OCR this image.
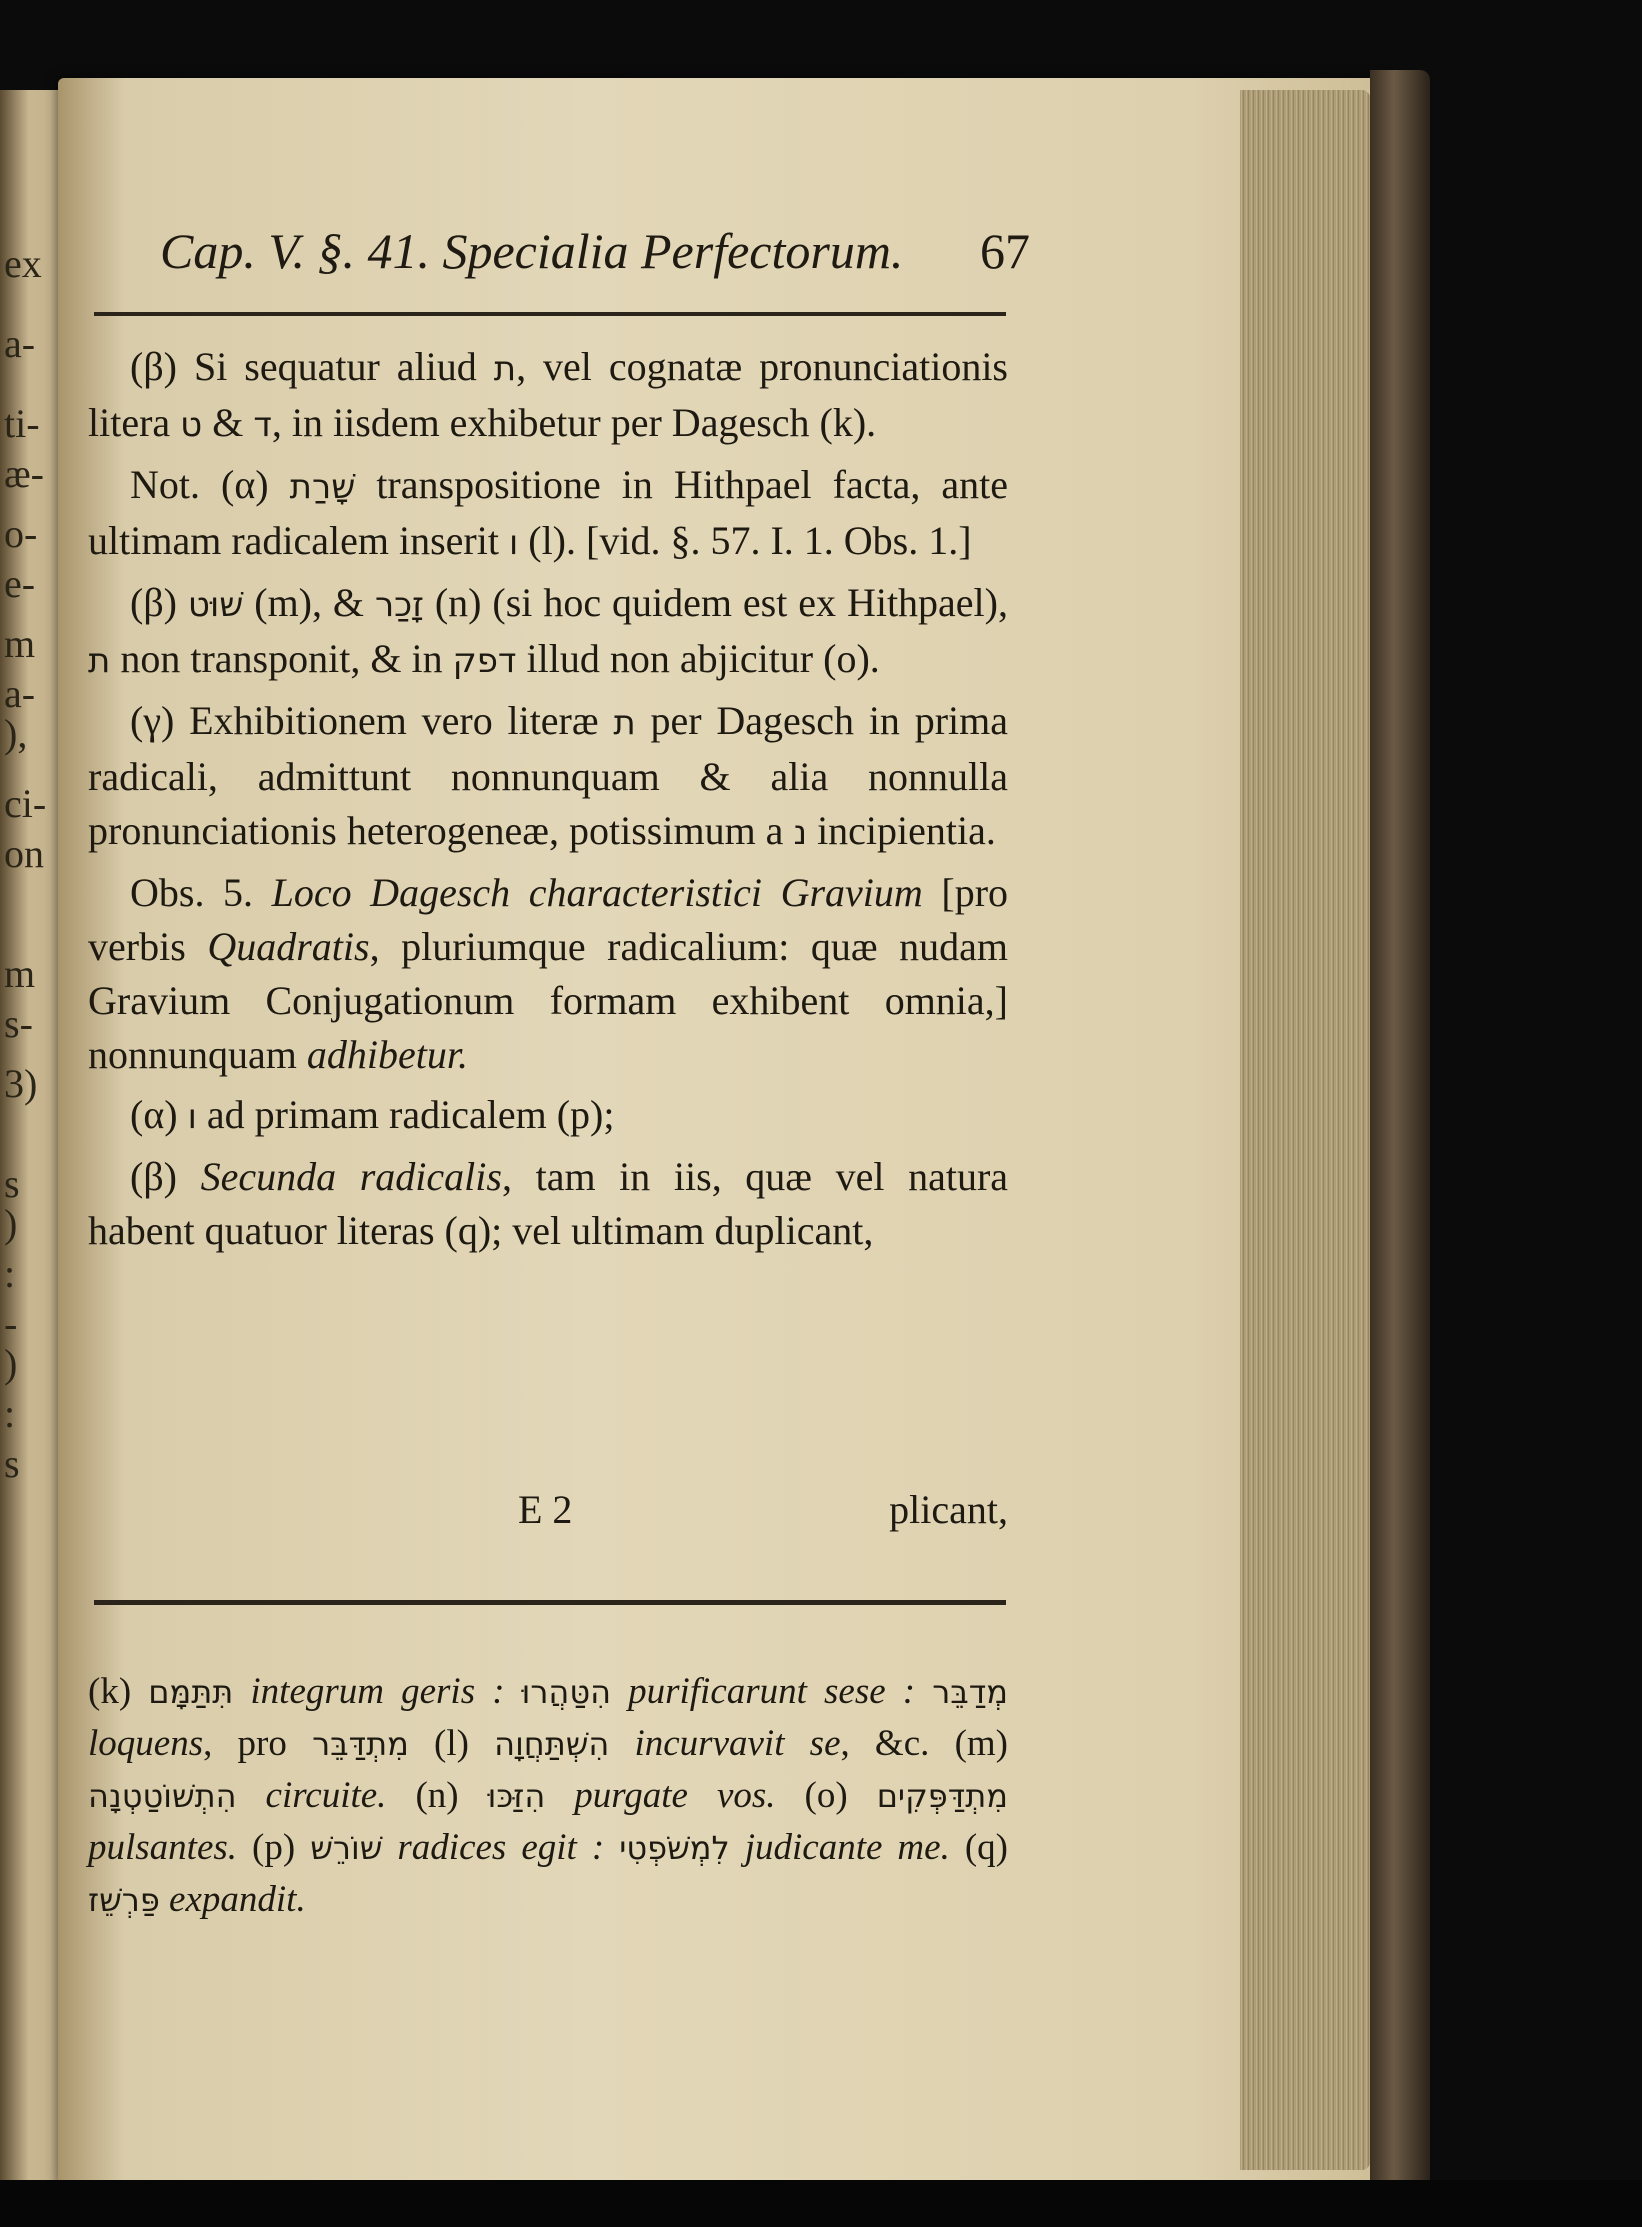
ex
a-
ti-
æ-
o-
e-
m
a-
),
ci-
on
m
s-
3)
s
)
:
-
)
:
s
Cap. V. §. 41. Specialia Perfectorum. 67

(β) Si sequatur aliud ת, vel cognatæ pronunciationis litera ט & ד, in iisdem exhibetur per Dagesch (k).

Not. (α) שָׁרַת transpositione in Hithpael facta, ante ultimam radicalem inserit ו (l). [vid. §. 57. I. 1. Obs. 1.]

(β) שׁוּט (m), & זָכַר (n) (si hoc quidem est ex Hithpael), ת non transponit, & in דפק illud non abjicitur (o).

(γ) Exhibitionem vero literæ ת per Dagesch in prima radicali, admittunt nonnunquam & alia nonnulla pronunciationis heterogeneæ, potissimum a נ incipientia.

Obs. 5. Loco Dagesch characteristici Gravium [pro verbis Quadratis, pluriumque radicalium: quæ nudam Gravium Conjugationum formam exhibent omnia,] nonnunquam adhibetur.

(α) ו ad primam radicalem (p);

(β) Secunda radicalis, tam in iis, quæ vel natura habent quatuor literas (q); vel ultimam duplicant,

E 2	plicant,

(k) תִּתַּמָּם integrum geris : הִטַּהֲרוּ purificarunt sese : מְדַבֵּר loquens, pro מִתְדַּבֵּר (l) הִשְׁתַּחֲוָה incurvavit se, &c. (m) הִתְשׁוֹטַטְנָה circuite. (n) הִזַּכּוּ purgate vos. (o) מִתְדַּפְּקִים pulsantes. (p) שׁוֹרֵשׁ radices egit : לִמְשֹׁפְטִי judicante me. (q) פַּרְשֵׁז expandit.
